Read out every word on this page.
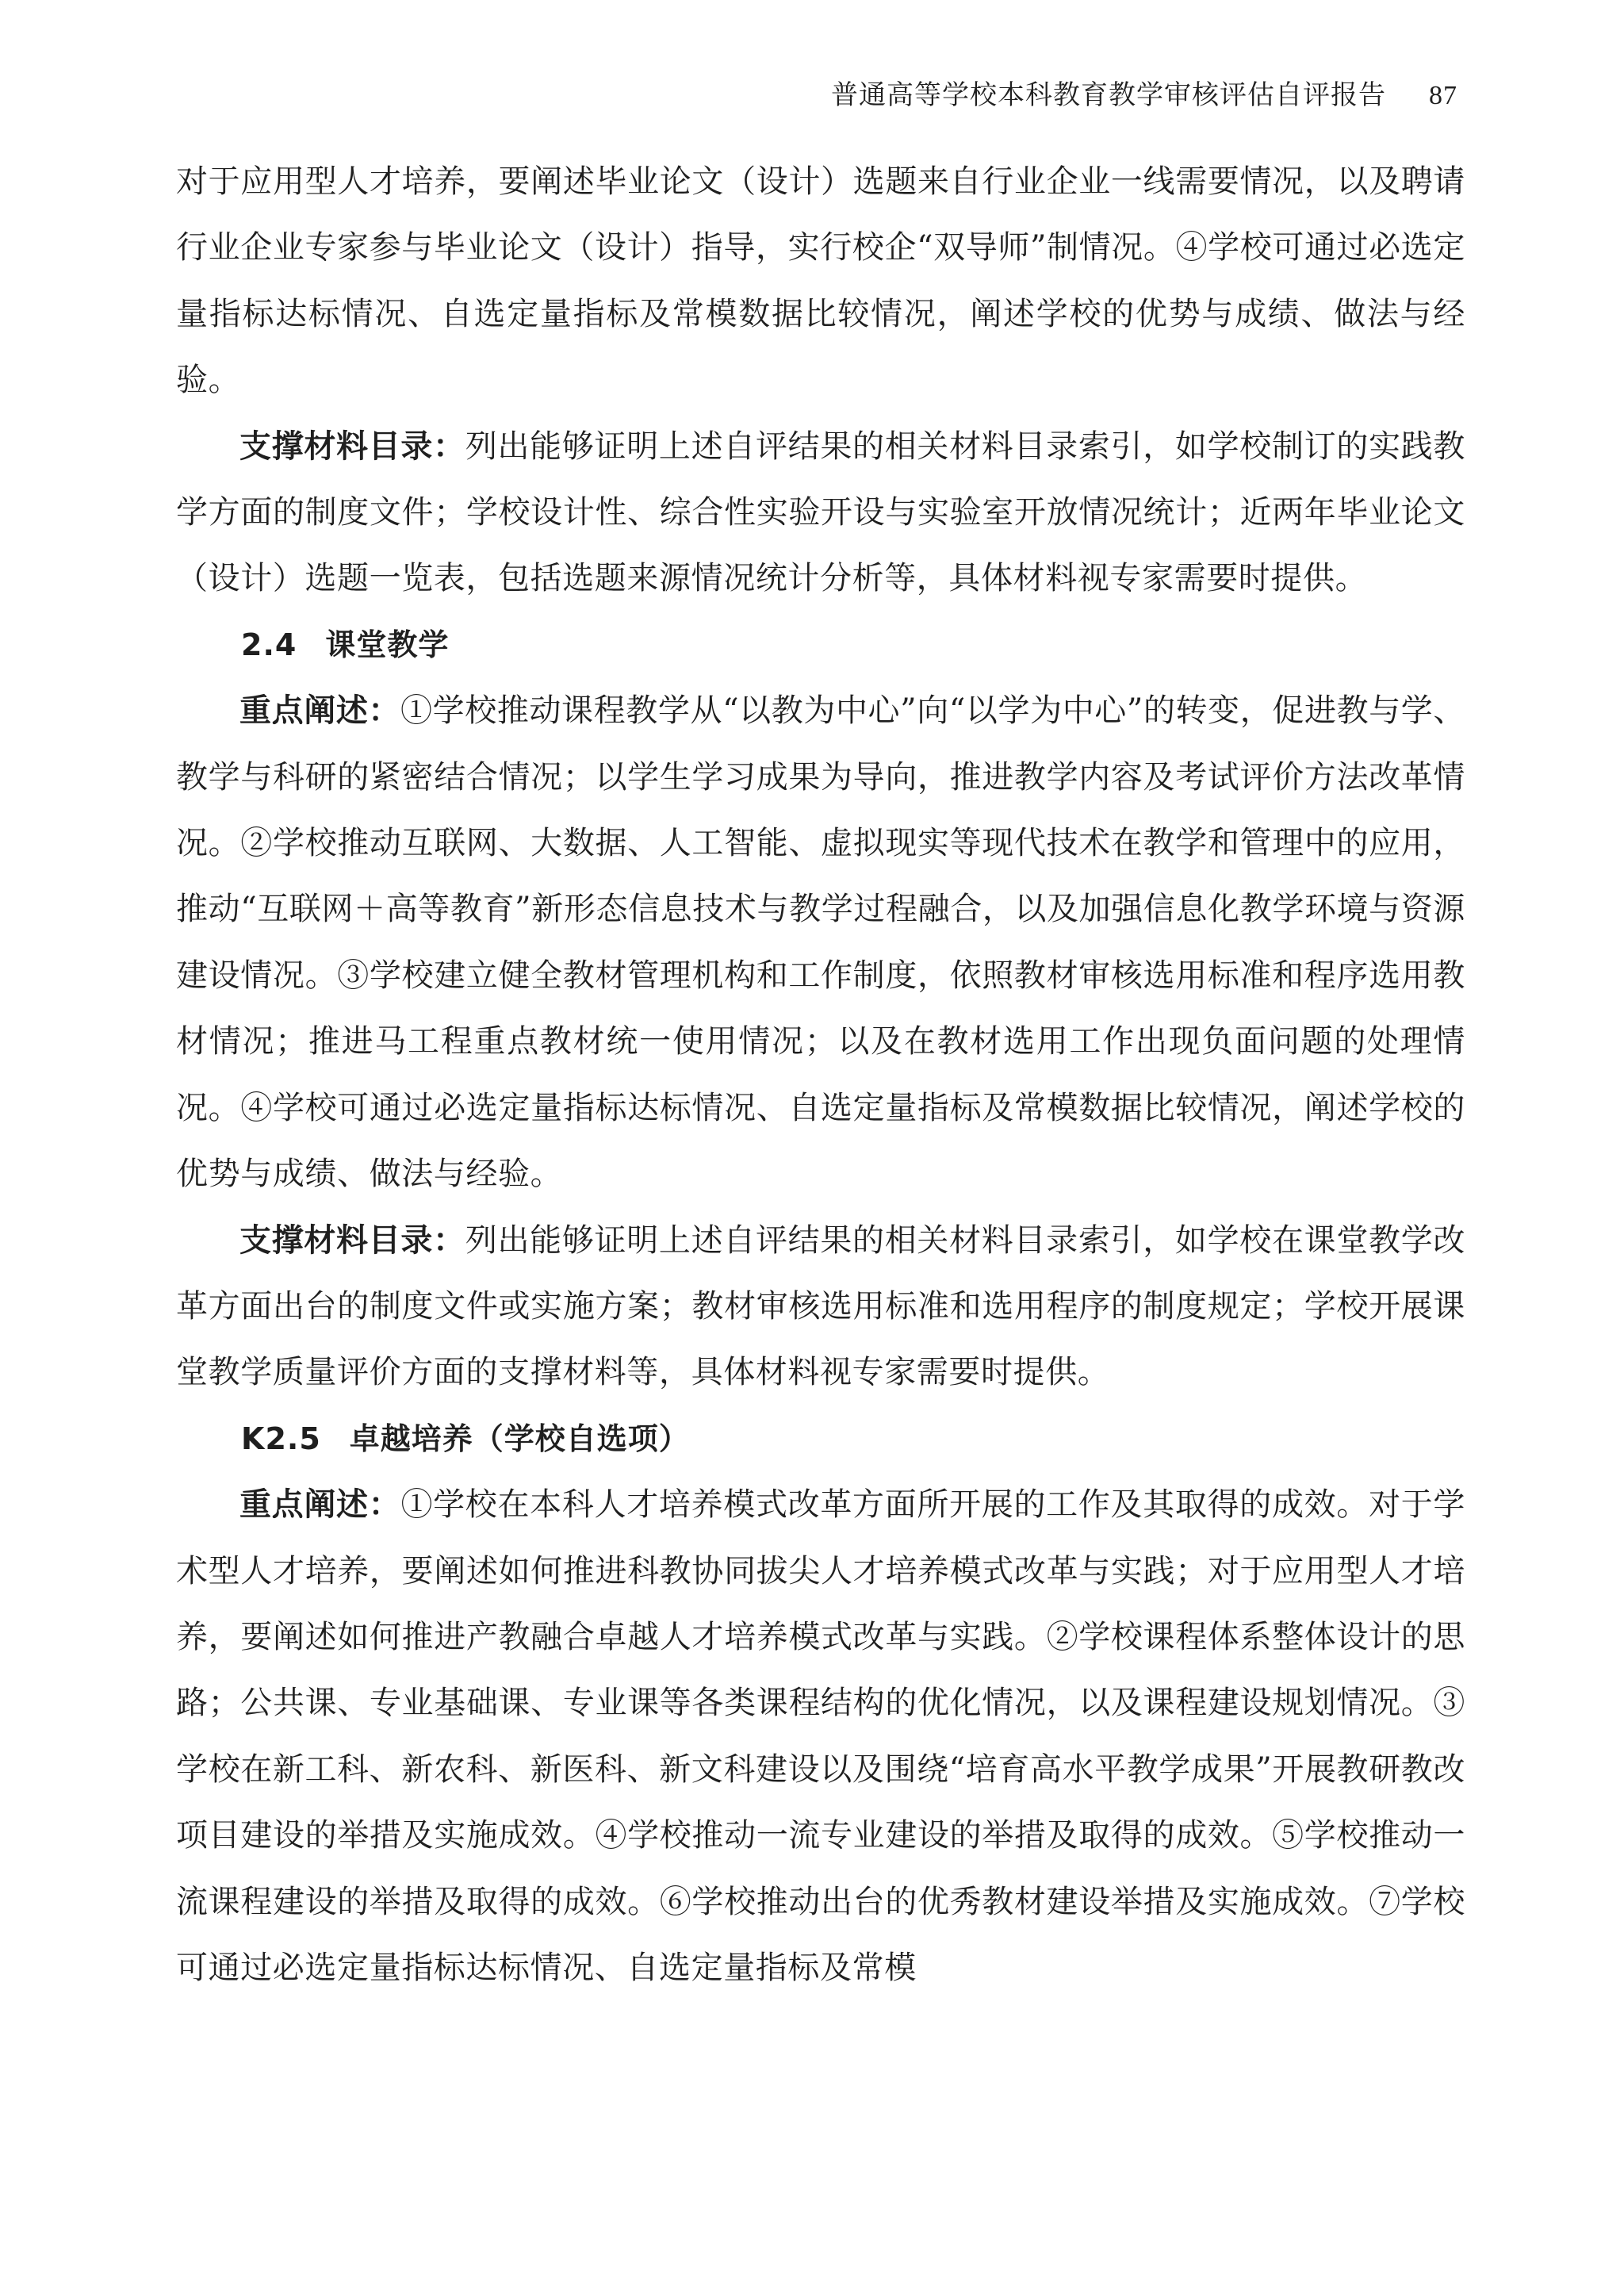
普通高等学校本科教育教学审核评估自评报告 87

对于应用型人才培养，要阐述毕业论文（设计）选题来自行业企业一线需要情况，以及聘请行业企业专家参与毕业论文（设计）指导，实行校企“双导师”制情况。④学校可通过必选定量指标达标情况、自选定量指标及常模数据比较情况，阐述学校的优势与成绩、做法与经验。

支撑材料目录：列出能够证明上述自评结果的相关材料目录索引，如学校制订的实践教学方面的制度文件；学校设计性、综合性实验开设与实验室开放情况统计；近两年毕业论文（设计）选题一览表，包括选题来源情况统计分析等，具体材料视专家需要时提供。

2.4 课堂教学

重点阐述：①学校推动课程教学从“以教为中心”向“以学为中心”的转变，促进教与学、教学与科研的紧密结合情况；以学生学习成果为导向，推进教学内容及考试评价方法改革情况。②学校推动互联网、大数据、人工智能、虚拟现实等现代技术在教学和管理中的应用，推动“互联网＋高等教育”新形态信息技术与教学过程融合，以及加强信息化教学环境与资源建设情况。③学校建立健全教材管理机构和工作制度，依照教材审核选用标准和程序选用教材情况；推进马工程重点教材统一使用情况；以及在教材选用工作出现负面问题的处理情况。④学校可通过必选定量指标达标情况、自选定量指标及常模数据比较情况，阐述学校的优势与成绩、做法与经验。

支撑材料目录：列出能够证明上述自评结果的相关材料目录索引，如学校在课堂教学改革方面出台的制度文件或实施方案；教材审核选用标准和选用程序的制度规定；学校开展课堂教学质量评价方面的支撑材料等，具体材料视专家需要时提供。

K2.5 卓越培养（学校自选项）

重点阐述：①学校在本科人才培养模式改革方面所开展的工作及其取得的成效。对于学术型人才培养，要阐述如何推进科教协同拔尖人才培养模式改革与实践；对于应用型人才培养，要阐述如何推进产教融合卓越人才培养模式改革与实践。②学校课程体系整体设计的思路；公共课、专业基础课、专业课等各类课程结构的优化情况，以及课程建设规划情况。③学校在新工科、新农科、新医科、新文科建设以及围绕“培育高水平教学成果”开展教研教改项目建设的举措及实施成效。④学校推动一流专业建设的举措及取得的成效。⑤学校推动一流课程建设的举措及取得的成效。⑥学校推动出台的优秀教材建设举措及实施成效。⑦学校可通过必选定量指标达标情况、自选定量指标及常模
